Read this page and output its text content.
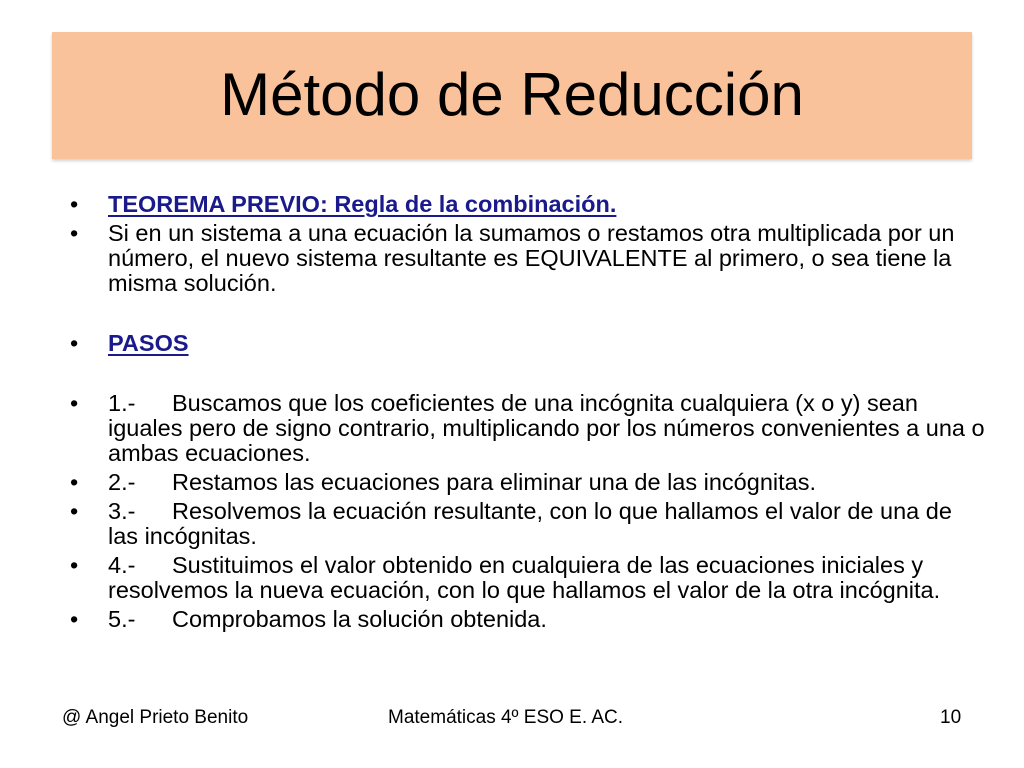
Método de Reducción
•	TEOREMA PREVIO: Regla de la combinación.
•	Si en un sistema a una ecuación la sumamos o restamos otra multiplicada por un número, el nuevo sistema resultante es EQUIVALENTE al primero, o sea tiene la misma solución.
•	PASOS
•	1.- Buscamos que los coeficientes de una incógnita cualquiera (x o y) sean iguales pero de signo contrario, multiplicando por los números convenientes a una o ambas ecuaciones.
•	2.- Restamos las ecuaciones para eliminar una de las incógnitas.
•	3.- Resolvemos la ecuación resultante, con lo que hallamos el valor de una de las incógnitas.
•	4.- Sustituimos el valor obtenido en cualquiera de las ecuaciones iniciales y resolvemos la nueva ecuación, con lo que hallamos el valor de la otra incógnita.
•	5.- Comprobamos la solución obtenida.
@ Angel Prieto Benito	Matemáticas 4º ESO E. AC.	10
